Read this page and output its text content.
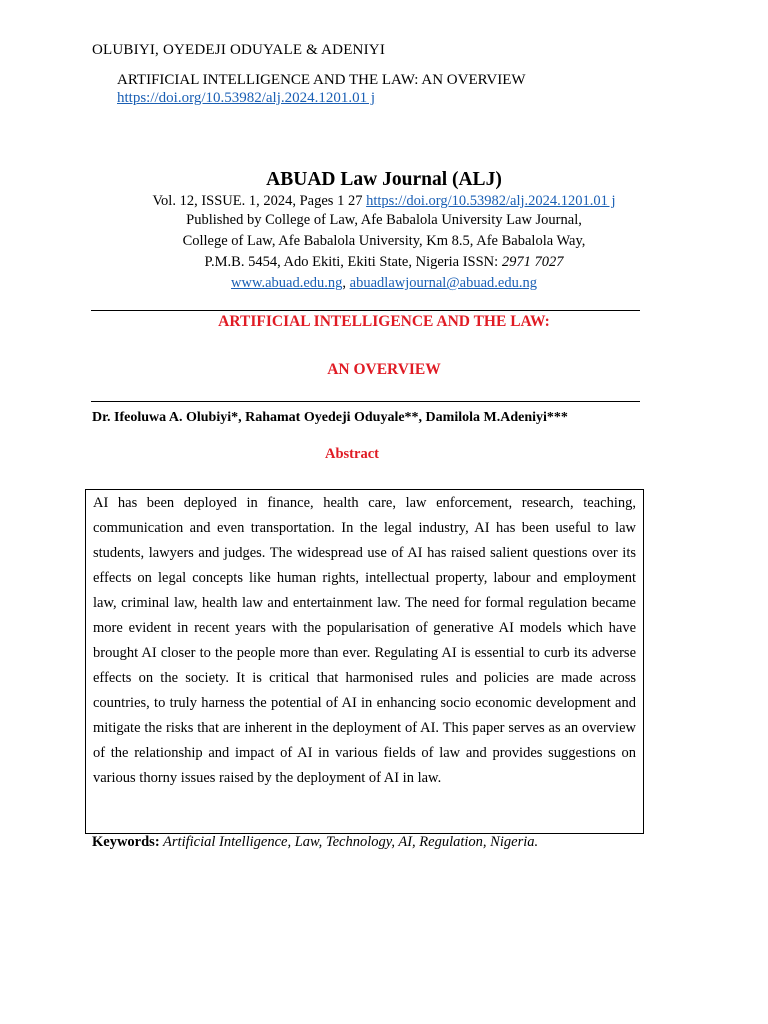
OLUBIYI, OYEDEJI ODUYALE & ADENIYI
ARTIFICIAL INTELLIGENCE AND THE LAW: AN OVERVIEW
https://doi.org/10.53982/alj.2024.1201.01 j
ABUAD Law Journal (ALJ)
Vol. 12, ISSUE. 1, 2024, Pages 1 27 https://doi.org/10.53982/alj.2024.1201.01 j
Published by College of Law, Afe Babalola University Law Journal,
College of Law, Afe Babalola University, Km 8.5, Afe Babalola Way,
P.M.B. 5454, Ado Ekiti, Ekiti State, Nigeria ISSN: 2971 7027
www.abuad.edu.ng, abuadlawjournal@abuad.edu.ng
ARTIFICIAL INTELLIGENCE AND THE LAW:
AN OVERVIEW
Dr. Ifeoluwa A. Olubiyi*, Rahamat Oyedeji Oduyale**, Damilola M.Adeniyi***
Abstract

AI has been deployed in finance, health care, law enforcement, research, teaching, communication and even transportation. In the legal industry, AI has been useful to law students, lawyers and judges. The widespread use of AI has raised salient questions over its effects on legal concepts like human rights, intellectual property, labour and employment law, criminal law, health law and entertainment law. The need for formal regulation became more evident in recent years with the popularisation of generative AI models which have brought AI closer to the people more than ever. Regulating AI is essential to curb its adverse effects on the society. It is critical that harmonised rules and policies are made across countries, to truly harness the potential of AI in enhancing socio economic development and mitigate the risks that are inherent in the deployment of AI. This paper serves as an overview of the relationship and impact of AI in various fields of law and provides suggestions on various thorny issues raised by the deployment of AI in law.

Keywords: Artificial Intelligence, Law, Technology, AI, Regulation, Nigeria.
